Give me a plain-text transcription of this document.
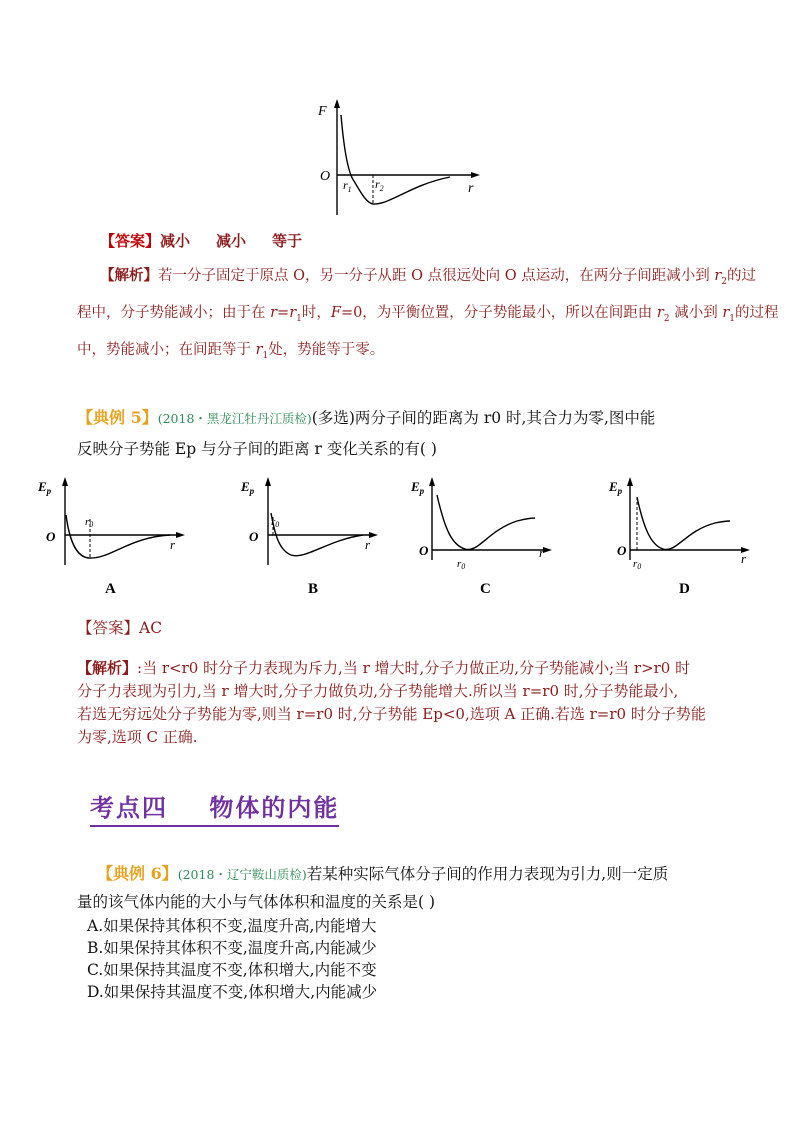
F
O
r
$r_1$ $r_2$
【答案】减小 减小 等于
【解析】若一分子固定于原点 O，另一分子从距 O 点很远处向 O 点运动，在两分子间距减小到 $r_2$的过
程中，分子势能减小；由于在 $r=r_1$时，F=0，为平衡位置，分子势能最小，所以在间距由 $r_2$ 减小到 $r_1$的过程
中，势能减小；在间距等于 $r_1$处，势能等于零。
【典例 5】(2018・黑龙江牡丹江质检)(多选)两分子间的距离为 r0 时,其合力为零,图中能
反映分子势能 Ep 与分子间的距离 r 变化关系的有( )
$E_p$
r0
O
r
A
$E_p$
r0
O
r
B
$E_p$
r0
O	r
C
$E_p$
r0
O
r
D
【答案】AC
【解析】:当 r<r0 时分子力表现为斥力,当 r 增大时,分子力做正功,分子势能减小;当 r>r0 时
分子力表现为引力,当 r 增大时,分子力做负功,分子势能增大.所以当 r=r0 时,分子势能最小,
若选无穷远处分子势能为零,则当 r=r0 时,分子势能 Ep<0,选项 A 正确.若选 r=r0 时分子势能
为零,选项 C 正确.
考点四    物体的内能
【典例 6】(2018・辽宁鞍山质检)若某种实际气体分子间的作用力表现为引力,则一定质
量的该气体内能的大小与气体体积和温度的关系是( )
A.如果保持其体积不变,温度升高,内能增大
B.如果保持其体积不变,温度升高,内能减少
C.如果保持其温度不变,体积增大,内能不变
D.如果保持其温度不变,体积增大,内能减少
